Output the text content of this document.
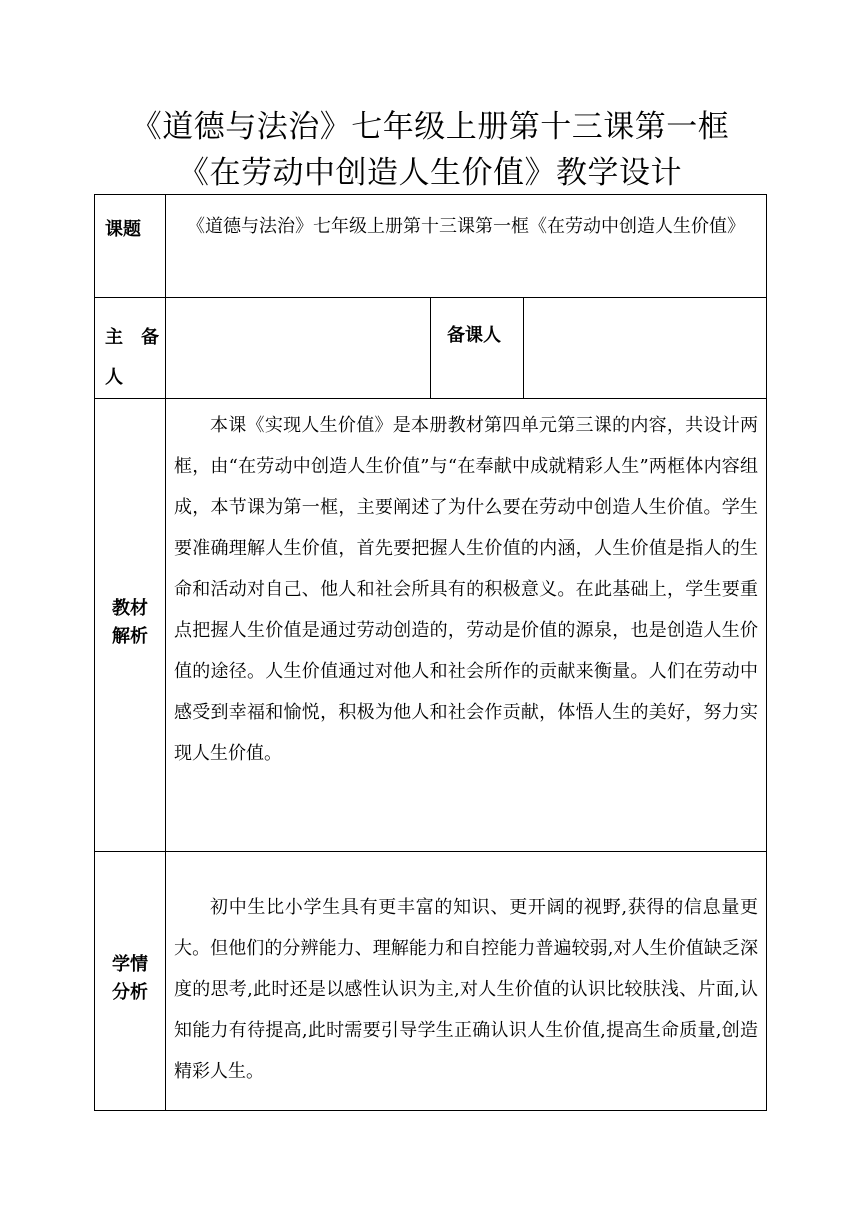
《道德与法治》七年级上册第十三课第一框
《在劳动中创造人生价值》教学设计
课题	《道德与法治》七年级上册第十三课第一框《在劳动中创造人生价值》		

主 备
人		备课人	
教材
解析	本课《实现人生价值》是本册教材第四单元第三课的内容，共设计两框，由“在劳动中创造人生价值”与“在奉献中成就精彩人生”两框体内容组成，本节课为第一框，主要阐述了为什么要在劳动中创造人生价值。学生要准确理解人生价值，首先要把握人生价值的内涵，人生价值是指人的生命和活动对自己、他人和社会所具有的积极意义。在此基础上，学生要重点把握人生价值是通过劳动创造的，劳动是价值的源泉，也是创造人生价值的途径。人生价值通过对他人和社会所作的贡献来衡量。人们在劳动中感受到幸福和愉悦，积极为他人和社会作贡献，体悟人生的美好，努力实现人生价值。		

学情
分析	初中生比小学生具有更丰富的知识、更开阔的视野,获得的信息量更大。但他们的分辨能力、理解能力和自控能力普遍较弱,对人生价值缺乏深度的思考,此时还是以感性认识为主,对人生价值的认识比较肤浅、片面,认知能力有待提高,此时需要引导学生正确认识人生价值,提高生命质量,创造精彩人生。		
